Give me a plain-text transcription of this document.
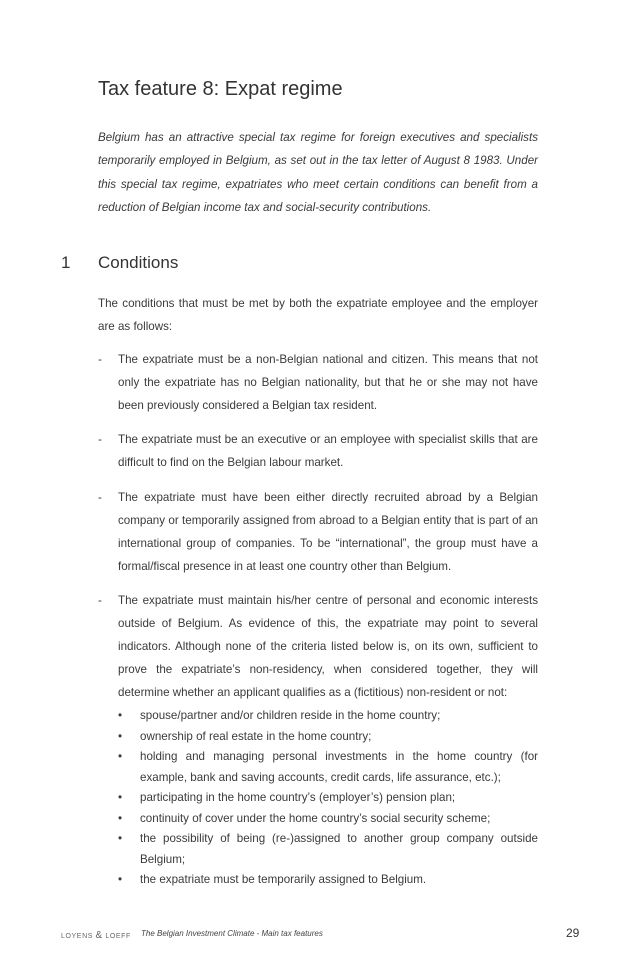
Tax feature 8: Expat regime

Belgium has an attractive special tax regime for foreign executives and specialists temporarily employed in Belgium, as set out in the tax letter of August 8 1983. Under this special tax regime, expatriates who meet certain conditions can benefit from a reduction of Belgian income tax and social-security contributions.

1 Conditions

The conditions that must be met by both the expatriate employee and the employer are as follows:

- The expatriate must be a non-Belgian national and citizen. This means that not only the expatriate has no Belgian nationality, but that he or she may not have been previously considered a Belgian tax resident.
- The expatriate must be an executive or an employee with specialist skills that are difficult to find on the Belgian labour market.
- The expatriate must have been either directly recruited abroad by a Belgian company or temporarily assigned from abroad to a Belgian entity that is part of an international group of companies. To be “international”, the group must have a formal/fiscal presence in at least one country other than Belgium.
- The expatriate must maintain his/her centre of personal and economic interests outside of Belgium. As evidence of this, the expatriate may point to several indicators. Although none of the criteria listed below is, on its own, sufficient to prove the expatriate’s non-residency, when considered together, they will determine whether an applicant qualifies as a (fictitious) non-resident or not:
• spouse/partner and/or children reside in the home country;
• ownership of real estate in the home country;
• holding and managing personal investments in the home country (for example, bank and saving accounts, credit cards, life assurance, etc.);
• participating in the home country’s (employer’s) pension plan;
• continuity of cover under the home country’s social security scheme;
• the possibility of being (re-)assigned to another group company outside Belgium;
• the expatriate must be temporarily assigned to Belgium.
LOYENS & LOEFF The Belgian Investment Climate - Main tax features	29
